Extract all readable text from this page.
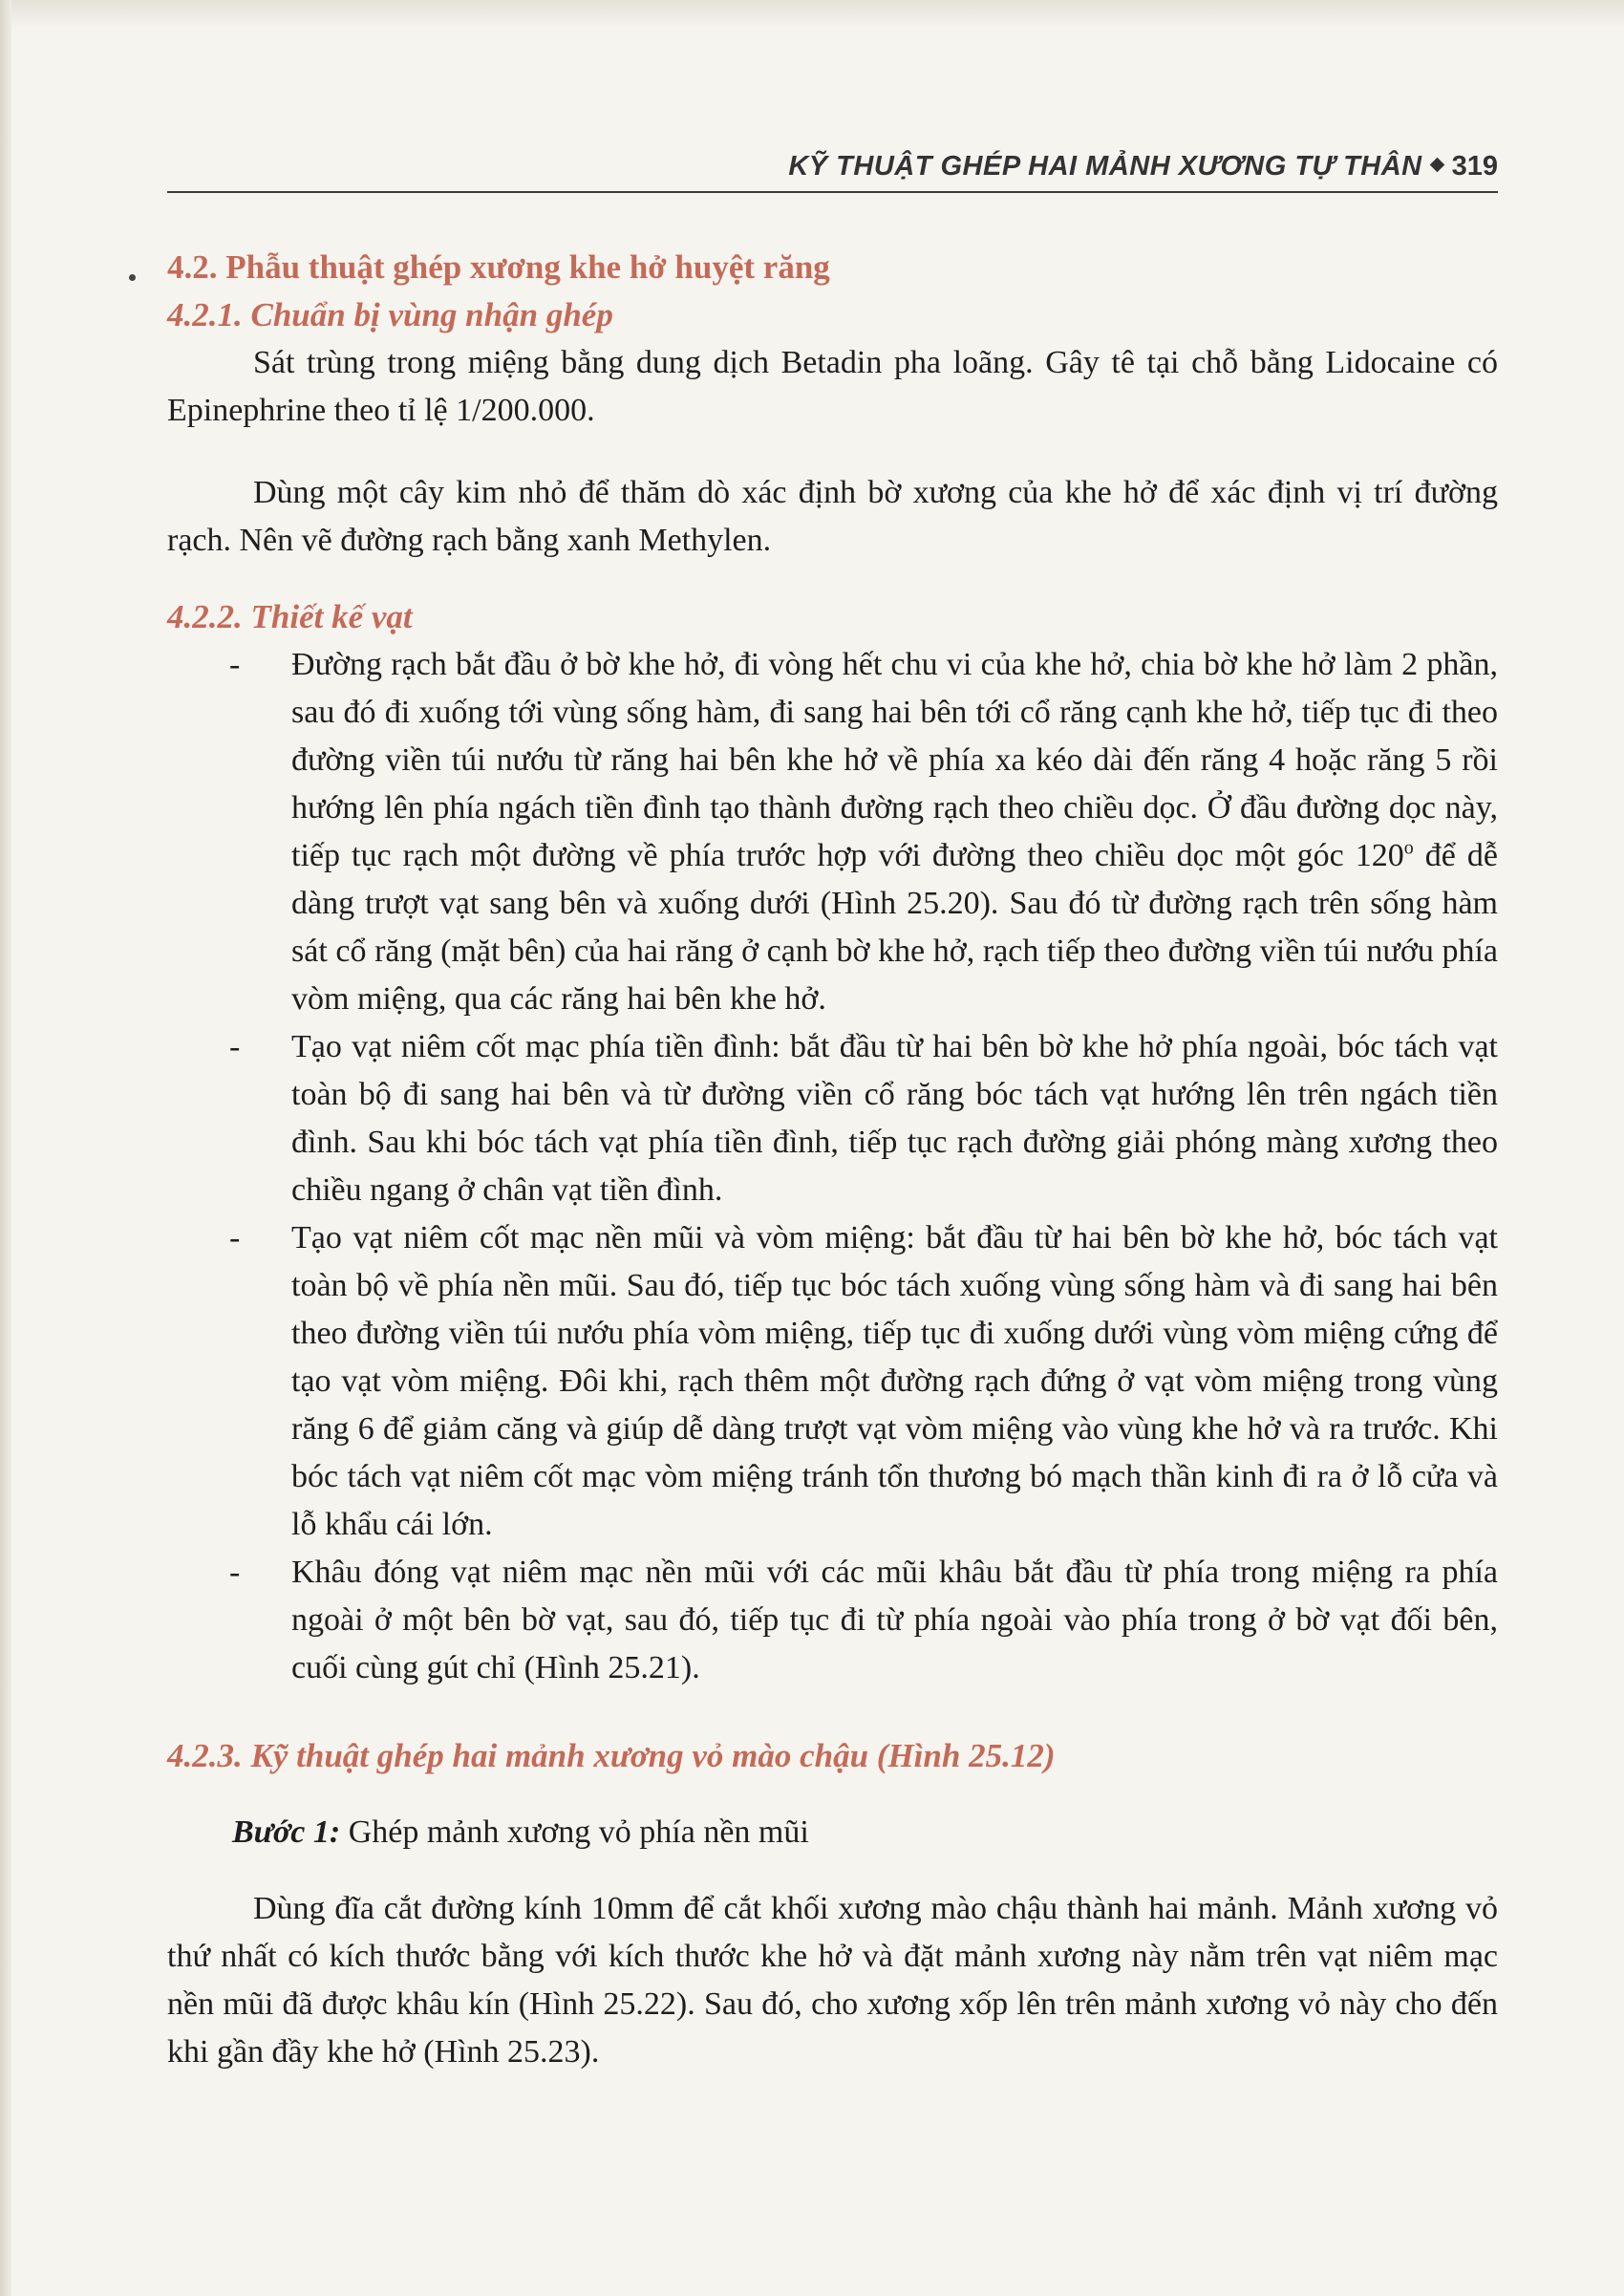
KỸ THUẬT GHÉP HAI MẢNH XƯƠNG TỰ THÂN 319
4.2. Phẫu thuật ghép xương khe hở huyệt răng
4.2.1. Chuẩn bị vùng nhận ghép

Sát trùng trong miệng bằng dung dịch Betadin pha loãng. Gây tê tại chỗ bằng Lidocaine có Epinephrine theo tỉ lệ 1/200.000.

Dùng một cây kim nhỏ để thăm dò xác định bờ xương của khe hở để xác định vị trí đường rạch. Nên vẽ đường rạch bằng xanh Methylen.

4.2.2. Thiết kế vạt
-	Đường rạch bắt đầu ở bờ khe hở, đi vòng hết chu vi của khe hở, chia bờ khe hở làm 2 phần, sau đó đi xuống tới vùng sống hàm, đi sang hai bên tới cổ răng cạnh khe hở, tiếp tục đi theo đường viền túi nướu từ răng hai bên khe hở về phía xa kéo dài đến răng 4 hoặc răng 5 rồi hướng lên phía ngách tiền đình tạo thành đường rạch theo chiều dọc. Ở đầu đường dọc này, tiếp tục rạch một đường về phía trước hợp với đường theo chiều dọc một góc 120$^o$ để dễ dàng trượt vạt sang bên và xuống dưới (Hình 25.20). Sau đó từ đường rạch trên sống hàm sát cổ răng (mặt bên) của hai răng ở cạnh bờ khe hở, rạch tiếp theo đường viền túi nướu phía vòm miệng, qua các răng hai bên khe hở.
-	Tạo vạt niêm cốt mạc phía tiền đình: bắt đầu từ hai bên bờ khe hở phía ngoài, bóc tách vạt toàn bộ đi sang hai bên và từ đường viền cổ răng bóc tách vạt hướng lên trên ngách tiền đình. Sau khi bóc tách vạt phía tiền đình, tiếp tục rạch đường giải phóng màng xương theo chiều ngang ở chân vạt tiền đình.
-	Tạo vạt niêm cốt mạc nền mũi và vòm miệng: bắt đầu từ hai bên bờ khe hở, bóc tách vạt toàn bộ về phía nền mũi. Sau đó, tiếp tục bóc tách xuống vùng sống hàm và đi sang hai bên theo đường viền túi nướu phía vòm miệng, tiếp tục đi xuống dưới vùng vòm miệng cứng để tạo vạt vòm miệng. Đôi khi, rạch thêm một đường rạch đứng ở vạt vòm miệng trong vùng răng 6 để giảm căng và giúp dễ dàng trượt vạt vòm miệng vào vùng khe hở và ra trước. Khi bóc tách vạt niêm cốt mạc vòm miệng tránh tổn thương bó mạch thần kinh đi ra ở lỗ cửa và lỗ khẩu cái lớn.
-	Khâu đóng vạt niêm mạc nền mũi với các mũi khâu bắt đầu từ phía trong miệng ra phía ngoài ở một bên bờ vạt, sau đó, tiếp tục đi từ phía ngoài vào phía trong ở bờ vạt đối bên, cuối cùng gút chỉ (Hình 25.21).
4.2.3. Kỹ thuật ghép hai mảnh xương vỏ mào chậu (Hình 25.12)

Bước 1: Ghép mảnh xương vỏ phía nền mũi

Dùng đĩa cắt đường kính 10mm để cắt khối xương mào chậu thành hai mảnh. Mảnh xương vỏ thứ nhất có kích thước bằng với kích thước khe hở và đặt mảnh xương này nằm trên vạt niêm mạc nền mũi đã được khâu kín (Hình 25.22). Sau đó, cho xương xốp lên trên mảnh xương vỏ này cho đến khi gần đầy khe hở (Hình 25.23).
